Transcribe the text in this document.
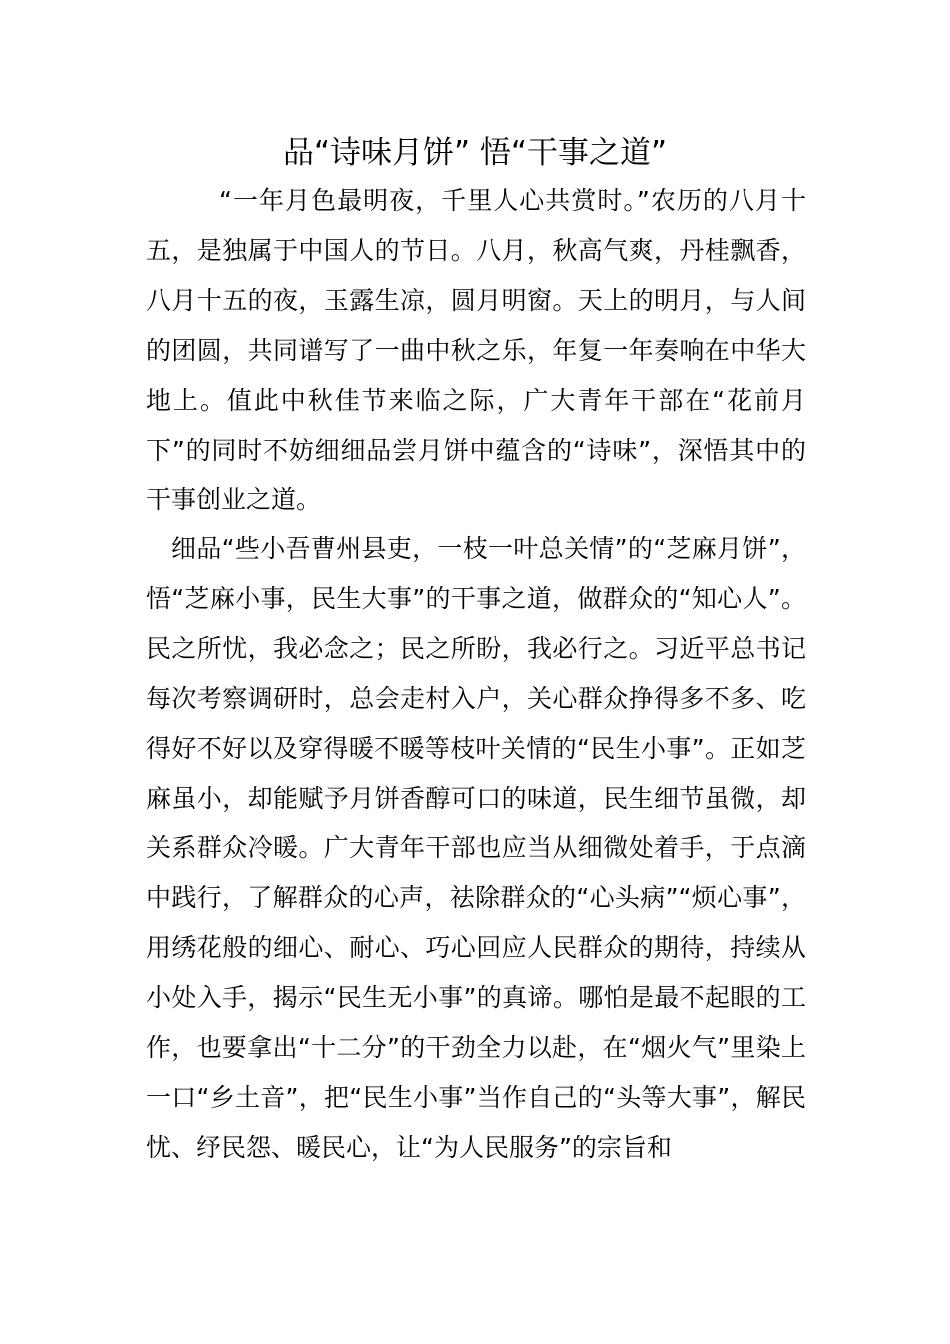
品“诗味月饼” 悟“干事之道”

“一年月色最明夜，千里人心共赏时。”农历的八月十五，是独属于中国人的节日。八月，秋高气爽，丹桂飘香，八月十五的夜，玉露生凉，圆月明窗。天上的明月，与人间的团圆，共同谱写了一曲中秋之乐，年复一年奏响在中华大地上。值此中秋佳节来临之际，广大青年干部在“花前月下”的同时不妨细细品尝月饼中蕴含的“诗味”，深悟其中的干事创业之道。

细品“些小吾曹州县吏，一枝一叶总关情”的“芝麻月饼”，悟“芝麻小事，民生大事”的干事之道，做群众的“知心人”。民之所忧，我必念之；民之所盼，我必行之。习近平总书记每次考察调研时，总会走村入户，关心群众挣得多不多、吃得好不好以及穿得暖不暖等枝叶关情的“民生小事”。正如芝麻虽小，却能赋予月饼香醇可口的味道，民生细节虽微，却关系群众冷暖。广大青年干部也应当从细微处着手，于点滴中践行，了解群众的心声，祛除群众的“心头病”“烦心事”，用绣花般的细心、耐心、巧心回应人民群众的期待，持续从小处入手，揭示“民生无小事”的真谛。哪怕是最不起眼的工作，也要拿出“十二分”的干劲全力以赴，在“烟火气”里染上一口“乡土音”，把“民生小事”当作自己的“头等大事”，解民忧、纾民怨、暖民心，让“为人民服务”的宗旨和
